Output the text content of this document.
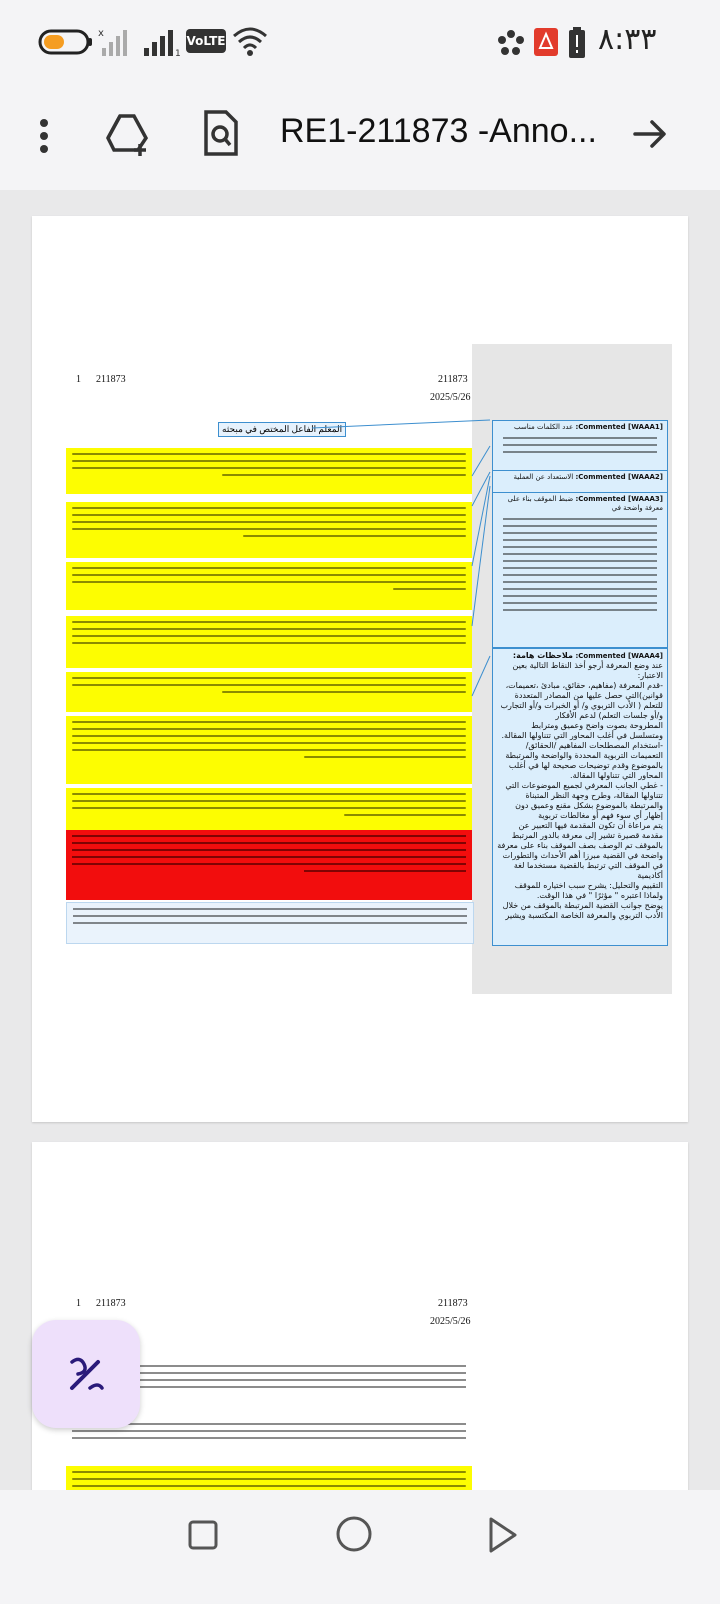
x
1
VoLTE	٨:٣٣
RE1-211873 -Anno...
1 211873	211873
2025/5/26
المعلم الفاعل المختص في مبحثه	Commented [WAAA1]: عدد الكلمات مناسب
Commented [WAAA2]: الاستعداد عن العملية
Commented [WAAA3]: ضبط الموقف بناء على معرفة واضحة في
Commented [WAAA4]: ملاحظات هامة:
عند وضع المعرفة أرجو أخذ النقاط التالية بعين الاعتبار:
-قدم المعرفة (مفاهيم، حقائق، مبادئ ،تعميمات، قوانين)التي حصل عليها من المصادر المتعددة للتعلم ( الأدب التربوي و/ أو الخبرات و/أو التجارب و/أو جلسات التعلم) لدعم الأفكار
المطروحة بصوت واضح وعميق ومترابط ومتسلسل في أغلب المحاور التي تتناولها المقالة.
-استخدام المصطلحات المفاهيم /الحقائق/ التعميمات التربوية المحددة والواضحة والمرتبطة بالموضوع وقدم توضيحات صحيحة لها في أغلب المحاور التي تتناولها المقالة.
- غطي الجانب المعرفي لجميع الموضوعات التي تتناولها المقالة، وطرح وجهة النظر المتبناة والمرتبطة بالموضوع بشكل مقنع وعميق دون إظهار أي سوء فهم أو مغالطات تربوية
يتم مراعاة أن تكون المقدمة فيها التعبير عن مقدمة قصيرة تشير إلى معرفة بالدور المرتبط بالموقف تم الوصف بصف الموقف بناء على معرفة واضحة في القضية مبرزا أهم الأحداث والتطورات في الموقف التي ترتبط بالقضية مستخدما لغة أكاديمية
التقييم والتحليل: يشرح سبب اختياره للموقف ولماذا اعتبره " مؤثرًا " في هذا الوقت.
يوضح جوانب القضية المرتبطة بالموقف من خلال الأدب التربوي والمعرفة الخاصة المكتسبة ويشير
1 211873	211873
2025/5/26
